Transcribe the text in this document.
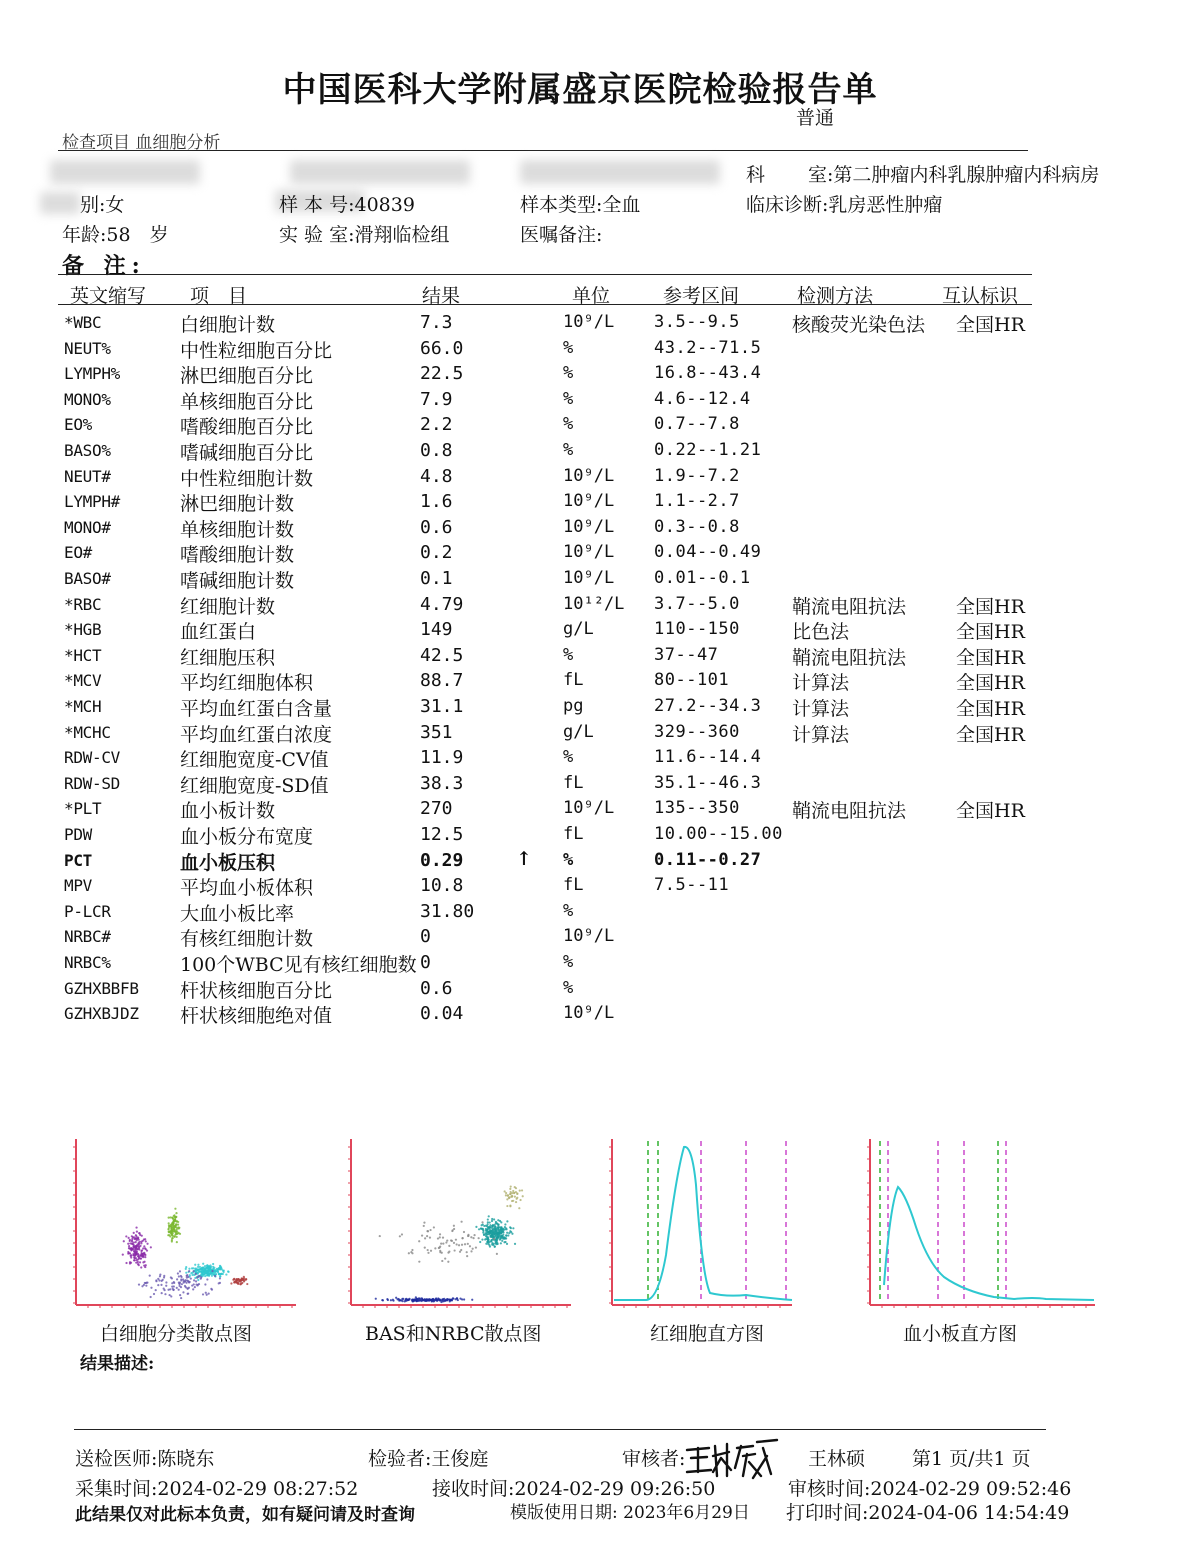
中国医科大学附属盛京医院检验报告单
普通
检查项目 血细胞分析
科 室:第二肿瘤内科乳腺肿瘤内科病房
别:女	样 本 号:40839	样本类型:全血	临床诊断:乳房恶性肿瘤
年龄:58　岁	实 验 室:滑翔临检组	医嘱备注:
备 注:
英文缩写 项　目	结果	单位	参考区间	检测方法	互认标识
*WBC	白细胞计数	7.3	10⁹/L 3.5--9.5	核酸荧光染色法 全国HR
NEUT%	中性粒细胞百分比	66.0	%	43.2--71.5
LYMPH%	淋巴细胞百分比	22.5	%	16.8--43.4
MONO%	单核细胞百分比	7.9	%	4.6--12.4
EO%	嗜酸细胞百分比	2.2	%	0.7--7.8
BASO%	嗜碱细胞百分比	0.8	%	0.22--1.21
NEUT#	中性粒细胞计数	4.8	10⁹/L 1.9--7.2
LYMPH#	淋巴细胞计数	1.6	10⁹/L 1.1--2.7
MONO#	单核细胞计数	0.6	10⁹/L 0.3--0.8
EO#	嗜酸细胞计数	0.2	10⁹/L 0.04--0.49
BASO#	嗜碱细胞计数	0.1	10⁹/L 0.01--0.1
*RBC	红细胞计数	4.79	10¹²/L 3.7--5.0	鞘流电阻抗法	全国HR
*HGB	血红蛋白	149	g/L	110--150	比色法	全国HR
*HCT	红细胞压积	42.5	%	37--47	鞘流电阻抗法	全国HR
*MCV	平均红细胞体积	88.7	fL	80--101	计算法	全国HR
*MCH	平均血红蛋白含量	31.1	pg	27.2--34.3 计算法	全国HR
*MCHC	平均血红蛋白浓度	351	g/L	329--360	计算法	全国HR
RDW-CV	红细胞宽度-CV值	11.9	%	11.6--14.4
RDW-SD	红细胞宽度-SD值	38.3	fL	35.1--46.3
*PLT	血小板计数	270	10⁹/L 135--350	鞘流电阻抗法	全国HR
PDW	血小板分布宽度	12.5	fL	10.00--15.00
PCT	血小板压积	0.29	↑ %	0.11--0.27
MPV	平均血小板体积	10.8	fL	7.5--11
P-LCR	大血小板比率	31.80	%
NRBC#	有核红细胞计数	0	10⁹/L
NRBC%	100个WBC见有核红细胞数 0	%
GZHXBBFB 杆状核细胞百分比	0.6	%
GZHXBJDZ 杆状核细胞绝对值	0.04	10⁹/L
白细胞分类散点图	BAS和NRBC散点图	红细胞直方图	血小板直方图
结果描述:
送检医师:陈晓东	检验者:王俊庭	审核者:	王林硕 第1 页/共1 页
采集时间:2024-02-29 08:27:52	接收时间:2024-02-29 09:26:50	审核时间:2024-02-29 09:52:46
此结果仅对此标本负责，如有疑问请及时查询	模版使用日期: 2023年6月29日 打印时间:2024-04-06 14:54:49
